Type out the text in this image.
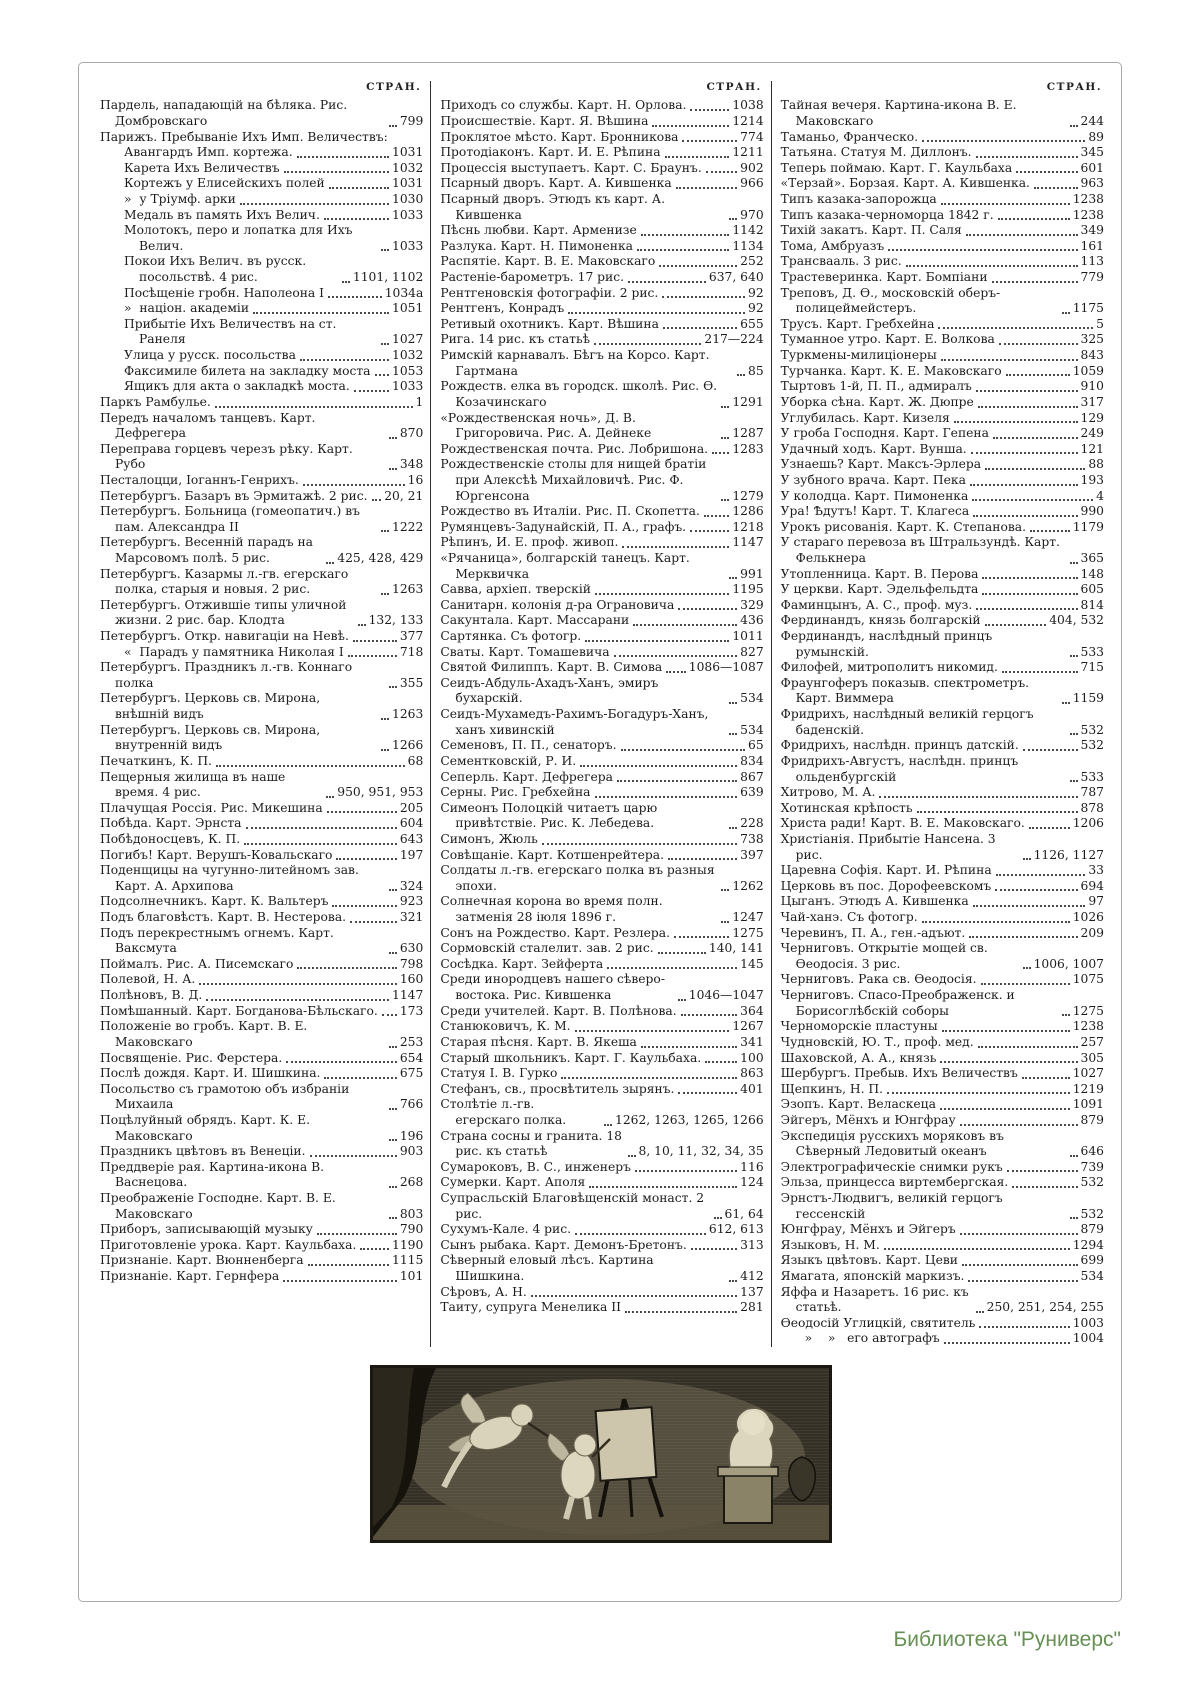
СТРАН.
Пардель, нападающій на бѣляка. Рис. Домбровскаго	799
Парижъ. Пребываніе Ихъ Имп. Величествъ:
Авангардъ Имп. кортежа.	1031
Карета Ихъ Величествъ	1032
Кортежъ у Елисейскихъ полей	1031
»  у Тріумф. арки	1030
Медаль въ память Ихъ Велич.	1033
Молотокъ, перо и лопатка для Ихъ Велич.	1033
Покои Ихъ Велич. въ русск. посольствѣ. 4 рис.	1101, 1102
Посѣщеніе гробн. Наполеона I	1034а
»  націон. академіи	1051
Прибытіе Ихъ Величествъ на ст. Ранеля	1027
Улица у русск. посольства	1032
Факсимиле билета на закладку моста 1053
Ящикъ для акта о закладкѣ моста.	1033
Паркъ Рамбулье.	1
Передъ началомъ танцевъ. Карт. Дефрегера	870
Переправа горцевъ черезъ рѣку. Карт. Рубо	348
Песталоцци, Іоганнъ-Генрихъ.	16
Петербургъ. Базаръ въ Эрмитажѣ. 2 рис. 20, 21
Петербургъ. Больница (гомеопатич.) въ пам. Александра II	1222
Петербургъ. Весенній парадъ на Марсовомъ полѣ. 5 рис.	425, 428, 429
Петербургъ. Казармы л.-гв. егерскаго полка, старыя и новыя. 2 рис.	1263
Петербургъ. Отжившіе типы уличной жизни. 2 рис. бар. Клодта	132, 133
Петербургъ. Откр. навигаціи на Невѣ.	377
«  Парадъ у памятника Николая I	718
Петербургъ. Праздникъ л.-гв. Коннаго полка	355
Петербургъ. Церковь св. Мирона, внѣшній видъ	1263
Петербургъ. Церковь св. Мирона, внутренній видъ	1266
Печаткинъ, К. П.	68
Пещерныя жилища въ наше время. 4 рис.	950, 951, 953
Плачущая Россія. Рис. Микешина	205
Побѣда. Карт. Эрнста	604
Побѣдоносцевъ, К. П.	643
Погибъ! Карт. Верушъ-Ковальскаго	197
Поденщицы на чугунно-литейномъ зав. Карт. А. Архипова	324
Подсолнечникъ. Карт. К. Вальтеръ	923
Подъ благовѣстъ. Карт. В. Нестерова.	321
Подъ перекрестнымъ огнемъ. Карт. Ваксмута	630
Поймалъ. Рис. А. Писемскаго	798
Полевой, Н. А.	160
Полѣновъ, В. Д.	1147
Помѣшанный. Карт. Богданова-Бѣльскаго. 173
Положеніе во гробъ. Карт. В. Е. Маковскаго	253
Посвященіе. Рис. Ферстера.	654
Послѣ дождя. Карт. И. Шишкина.	675
Посольство съ грамотою объ избраніи Михаила	766
Поцѣлуйный обрядъ. Карт. К. Е. Маковскаго	196
Праздникъ цвѣтовъ въ Венеціи.	903
Преддверіе рая. Картина-икона В. Васнецова.	268
Преображеніе Господне. Карт. В. Е. Маковскаго	803
Приборъ, записывающій музыку	790
Приготовленіе урока. Карт. Каульбаха.	1190
Признаніе. Карт. Вюнненберга	1115
Признаніе. Карт. Гернфера	101
СТРАН.
Приходъ со службы. Карт. Н. Орлова.	1038
Происшествіе. Карт. Я. Вѣшина	1214
Проклятое мѣсто. Карт. Бронникова	774
Протодіаконъ. Карт. И. Е. Рѣпина	1211
Процессія выступаетъ. Карт. С. Браунъ.	902
Псарный дворъ. Карт. А. Кившенка	966
Псарный дворъ. Этюдъ къ карт. А. Кившенка	970
Пѣснь любви. Карт. Арменизе	1142
Разлука. Карт. Н. Пимоненка	1134
Распятіе. Карт. В. Е. Маковскаго	252
Растеніе-барометръ. 17 рис.	637, 640
Рентгеновскія фотографіи. 2 рис.	92
Рентгенъ, Конрадъ	92
Ретивый охотникъ. Карт. Вѣшина	655
Рига. 14 рис. къ статьѣ	217—224
Римскій карнавалъ. Бѣгъ на Корсо. Карт. Гартмана	85
Рождеств. елка въ городск. школѣ. Рис. Ѳ. Козачинскаго	1291
«Рождественская ночь», Д. В. Григоровича. Рис. А. Дейнеке	1287
Рождественская почта. Рис. Лобришона. 1283
Рождественскіе столы для нищей братіи при Алексѣѣ Михайловичѣ. Рис. Ф. Юргенсона	1279
Рождество въ Италіи. Рис. П. Скопетта.	1286
Румянцевъ-Задунайскій, П. А., графъ.	1218
Рѣпинъ, И. Е. проф. живоп.	1147
«Рячаница», болгарскій танецъ. Карт. Мерквичка	991
Савва, архіеп. тверскій	1195
Санитарн. колонія д-ра Ограновича	329
Сакунтала. Карт. Массарани	436
Сартянка. Съ фотогр.	1011
Сваты. Карт. Томашевича	827
Святой Филиппъ. Карт. В. Симова 1086—1087
Сеидъ-Абдуль-Ахадъ-Ханъ, эмиръ бухарскій.	534
Сеидъ-Мухамедъ-Рахимъ-Богадуръ-Ханъ, ханъ хивинскій	534
Семеновъ, П. П., сенаторъ.	65
Сементковскій, Р. И.	834
Сеперль. Карт. Дефрегера	867
Серны. Рис. Гребхейна	639
Симеонъ Полоцкій читаетъ царю привѣтствіе. Рис. К. Лебедева.	228
Симонъ, Жюль	738
Совѣщаніе. Карт. Котшенрейтера.	397
Солдаты л.-гв. егерскаго полка въ разныя эпохи.	1262
Солнечная корона во время полн. затменія 28 іюля 1896 г.	1247
Сонъ на Рождество. Карт. Резлера.	1275
Сормовскій сталелит. зав. 2 рис.	140, 141
Сосѣдка. Карт. Зейферта	145
Среди инородцевъ нашего сѣверо-востока. Рис. Кившенка	1046—1047
Среди учителей. Карт. В. Полѣнова.	364
Станюковичъ, К. М.	1267
Старая пѣсня. Карт. В. Якеша	341
Старый школьникъ. Карт. Г. Каульбаха.	100
Статуя I. В. Гурко	863
Стефанъ, св., просвѣтитель зырянъ.	401
Столѣтіе л.-гв. егерскаго полка.	1262, 1263, 1265, 1266
Страна сосны и гранита. 18 рис. къ статьѣ	8, 10, 11, 32, 34, 35
Сумароковъ, В. С., инженеръ	116
Сумерки. Карт. Аполя	124
Супрасльскій Благовѣщенскій монаст. 2 рис.	61, 64
Сухумъ-Кале. 4 рис.	612, 613
Сынъ рыбака. Карт. Демонъ-Бретонъ.	313
Сѣверный еловый лѣсъ. Картина Шишкина.	412
Сѣровъ, А. Н.	137
Таиту, супруга Менелика II	281
СТРАН.
Тайная вечеря. Картина-икона В. Е. Маковскаго	244
Таманьо, Франческо.	89
Татьяна. Статуя М. Диллонъ.	345
Теперь поймаю. Карт. Г. Каульбаха	601
«Терзай». Борзая. Карт. А. Кившенка.	963
Типъ казака-запорожца	1238
Типъ казака-черноморца 1842 г.	1238
Тихій закатъ. Карт. П. Саля	349
Тома, Амбруазъ	161
Трансвааль. 3 рис.	113
Трастеверинка. Карт. Бомпіани	779
Треповъ, Д. Ѳ., московскій оберъ-полицеймейстеръ.	1175
Трусъ. Карт. Гребхейна	5
Туманное утро. Карт. Е. Волкова	325
Туркмены-милиціонеры	843
Турчанка. Карт. К. Е. Маковскаго	1059
Тыртовъ 1-й, П. П., адмиралъ	910
Уборка сѣна. Карт. Ж. Дюпре	317
Углубилась. Карт. Кизеля	129
У гроба Господня. Карт. Гепена	249
Удачный ходъ. Карт. Вунша.	121
Узнаешь? Карт. Максъ-Эрлера	88
У зубного врача. Карт. Пека	193
У колодца. Карт. Пимоненка	4
Ура! Ѣдутъ! Карт. Т. Клагеса	990
Урокъ рисованія. Карт. К. Степанова.	1179
У стараго перевоза въ Штральзундѣ. Карт. Фелькнера	365
Утопленница. Карт. В. Перова	148
У церкви. Карт. Эдельфельдта	605
Фаминцынъ, А. С., проф. муз.	814
Фердинандъ, князь болгарскій	404, 532
Фердинандъ, наслѣдный принцъ румынскій.	533
Филофей, митрополитъ никомид.	715
Фраунгоферъ показыв. спектрометръ. Карт. Виммера	1159
Фридрихъ, наслѣдный великій герцогъ баденскій.	532
Фридрихъ, наслѣдн. принцъ датскій.	532
Фридрихъ-Августъ, наслѣдн. принцъ ольденбургскій	533
Хитрово, М. А.	787
Хотинская крѣпость	878
Христа ради! Карт. В. Е. Маковскаго.	1206
Христіанія. Прибытіе Нансена. 3 рис.	1126, 1127
Царевна Софія. Карт. И. Рѣпина	33
Церковь въ пос. Дорофеевскомъ	694
Цыганъ. Этюдъ А. Кившенка	97
Чай-ханэ. Съ фотогр.	1026
Черевинъ, П. А., ген.-адъют.	209
Черниговъ. Открытіе мощей св. Ѳеодосія. 3 рис.	1006, 1007
Черниговъ. Рака св. Ѳеодосія.	1075
Черниговъ. Спасо-Преображенск. и Борисоглѣбскій соборы	1275
Черноморскіе пластуны	1238
Чудновскій, Ю. Т., проф. мед.	257
Шаховской, А. А., князь	305
Шербургъ. Пребыв. Ихъ Величествъ	1027
Щепкинъ, Н. П.	1219
Эзопъ. Карт. Веласкеца	1091
Эйгеръ, Мёнхъ и Юнгфрау	879
Экспедиція русскихъ моряковъ въ Сѣверный Ледовитый океанъ	646
Электрографическіе снимки рукъ	739
Эльза, принцесса виртембергская.	532
Эрнстъ-Людвигъ, великій герцогъ гессенскій	532
Юнгфрау, Мёнхъ и Эйгеръ	879
Языковъ, Н. М.	1294
Языкъ цвѣтовъ. Карт. Цеви	699
Ямагата, японскій маркизъ.	534
Яффа и Назаретъ. 16 рис. къ статьѣ.	250, 251, 254, 255
Ѳеодосій Углицкій, святитель	1003
»    »   его автографъ	1004
Библиотека "Руниверс"
